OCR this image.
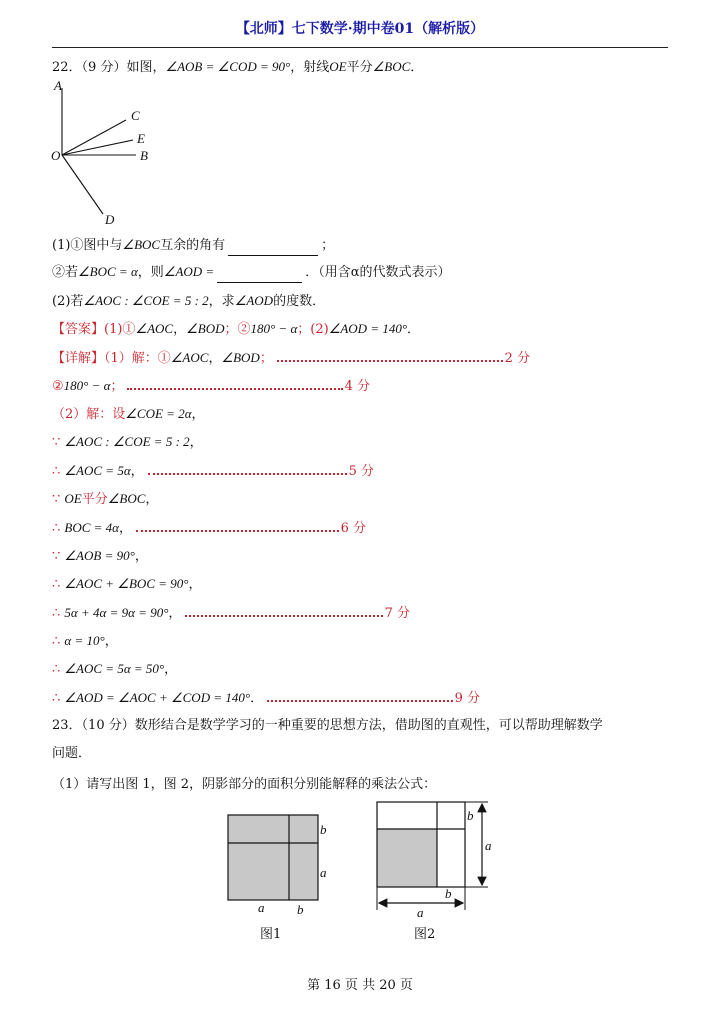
【北师】七下数学·期中卷01（解析版）
22．（9 分）如图， ∠AOB = ∠COD = 90° ，射线 OE 平分 ∠BOC ．
(1)①图中与 ∠BOC 互余的角有
	；
②若 ∠BOC = α ，则 ∠AOD =
	．（用含α的代数式表示）
(2)若 ∠AOC : ∠COE = 5 : 2 ，求 ∠AOD 的度数．
【答案】(1)① ∠AOC ， ∠BOD ；② 180° − α ；(2) ∠AOD = 140° ．
【详解】（1）解：① ∠AOC ， ∠BOD ；	2 分
② 180° − α ；	4 分
（2）解：设 ∠COE = 2α ，
∵ ∠AOC : ∠COE = 5 : 2 ，
∴ ∠AOC = 5α ，	5 分
∵ OE 平分 ∠BOC ，
∴ BOC = 4α ，	6 分
∵ ∠AOB = 90° ，
∴ ∠AOC + ∠BOC = 90° ，
∴ 5α + 4α = 9α = 90° ，	7 分
∴ α = 10° ，
∴ ∠AOC = 5α = 50° ，
∴ ∠AOD = ∠AOC + ∠COD = 140° ．	9 分
A
C
E
O	B
D
23．（10 分）数形结合是数学学习的一种重要的思想方法，借助图的直观性，可以帮助理解数学
问题．
（1）请写出图 1，图 2，阴影部分的面积分别能解释的乘法公式：
b
a
a	b
图1
b
a
b
a
图2
第 16 页 共 20 页
